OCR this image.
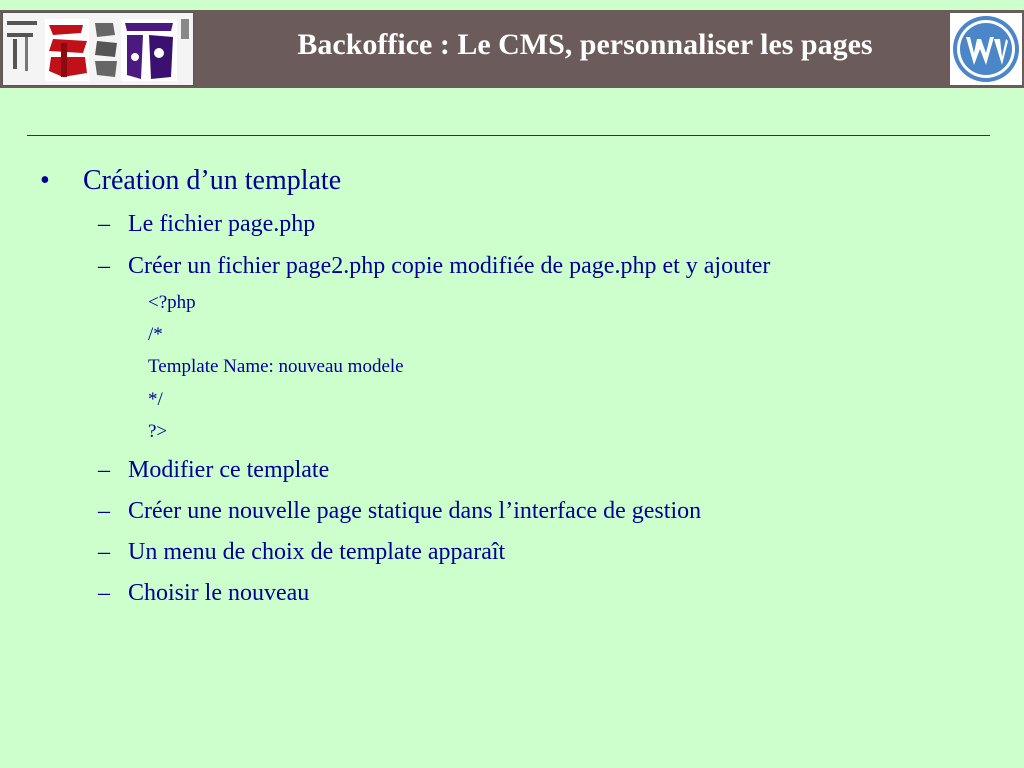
Backoffice : Le CMS, personnaliser les pages
• Création d’un template
– Le fichier page.php
– Créer un fichier page2.php copie modifiée de page.php et y ajouter
<?php
/*
Template Name: nouveau modele
*/
?>
– Modifier ce template
– Créer une nouvelle page statique dans l’interface de gestion
– Un menu de choix de template apparaît
– Choisir le nouveau
